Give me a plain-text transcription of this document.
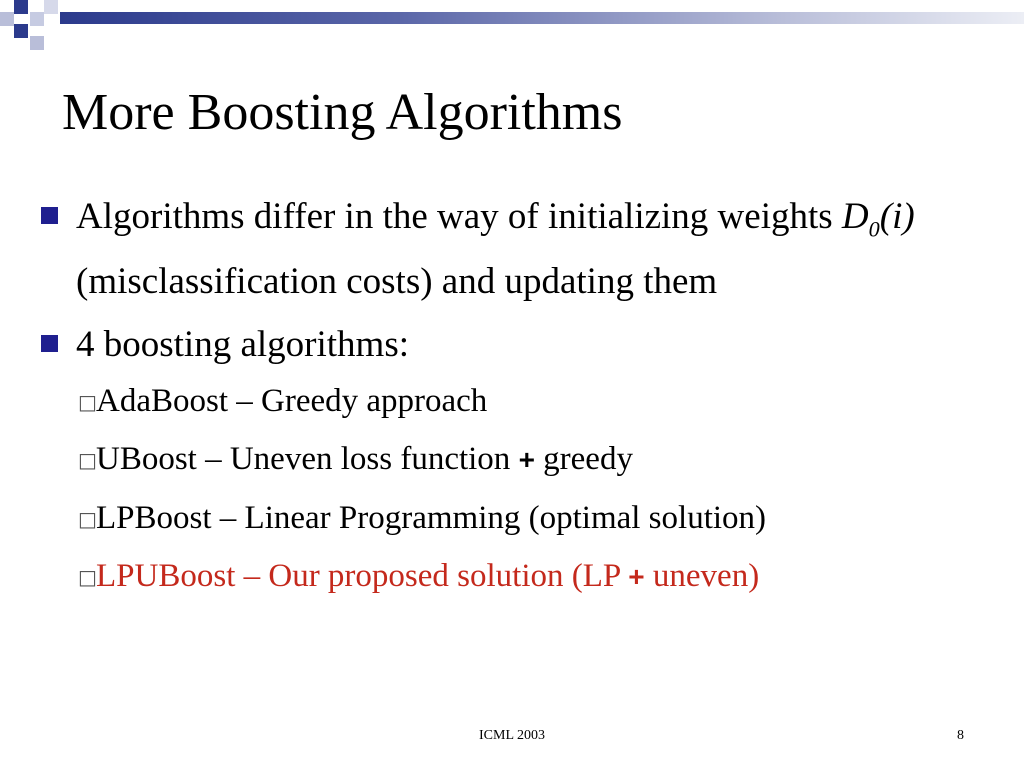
More Boosting Algorithms
Algorithms differ in the way of initializing weights $D_0(i)$ (misclassification costs) and updating them
4 boosting algorithms:
□ AdaBoost – Greedy approach
□ UBoost – Uneven loss function + greedy
□ LPBoost – Linear Programming (optimal solution)
□ LPUBoost – Our proposed solution (LP + uneven)
ICML 2003	8
